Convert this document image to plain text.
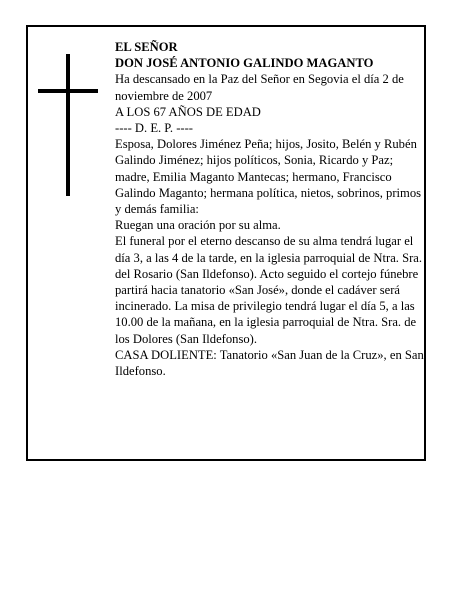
EL SEÑOR

DON JOSÉ ANTONIO GALINDO MAGANTO

Ha descansado en la Paz del Señor en Segovia el día 2 de noviembre de 2007

A LOS 67 AÑOS DE EDAD

---- D. E. P. ----

Esposa, Dolores Jiménez Peña; hijos, Josito, Belén y Rubén Galindo Jiménez; hijos políticos, Sonia, Ricardo y Paz; madre, Emilia Maganto Mantecas; hermano, Francisco Galindo Maganto; hermana política, nietos, sobrinos, primos y demás familia:

Ruegan una oración por su alma.

El funeral por el eterno descanso de su alma tendrá lugar el día 3, a las 4 de la tarde, en la iglesia parroquial de Ntra. Sra. del Rosario (San Ildefonso). Acto seguido el cortejo fúnebre partirá hacia tanatorio «San José», donde el cadáver será incinerado. La misa de privilegio tendrá lugar el día 5, a las 10.00 de la mañana, en la iglesia parroquial de Ntra. Sra. de los Dolores (San Ildefonso).

CASA DOLIENTE: Tanatorio «San Juan de la Cruz», en San Ildefonso.
